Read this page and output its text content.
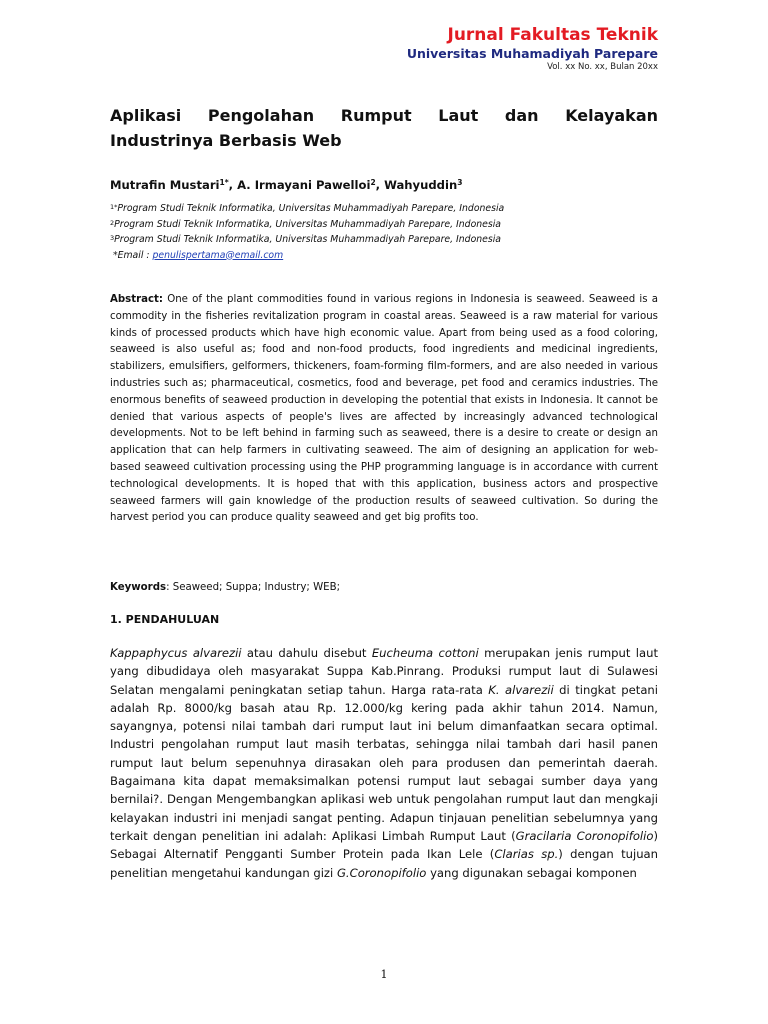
Jurnal Fakultas Teknik
Universitas Muhamadiyah Parepare
Vol. xx No. xx, Bulan 20xx
Aplikasi Pengolahan Rumput Laut dan Kelayakan Industrinya Berbasis Web
Mutrafin Mustari$^{1*}$, A. Irmayani Pawelloi$^2$, Wahyuddin$^3$
$^{1*}$Program Studi Teknik Informatika, Universitas Muhammadiyah Parepare, Indonesia
$^2$Program Studi Teknik Informatika, Universitas Muhammadiyah Parepare, Indonesia
$^3$Program Studi Teknik Informatika, Universitas Muhammadiyah Parepare, Indonesia
*Email : penulispertama@email.com
Abstract: One of the plant commodities found in various regions in Indonesia is seaweed. Seaweed is a commodity in the fisheries revitalization program in coastal areas. Seaweed is a raw material for various kinds of processed products which have high economic value. Apart from being used as a food coloring, seaweed is also useful as; food and non-food products, food ingredients and medicinal ingredients, stabilizers, emulsifiers, gelformers, thickeners, foam-forming film-formers, and are also needed in various industries such as; pharmaceutical, cosmetics, food and beverage, pet food and ceramics industries. The enormous benefits of seaweed production in developing the potential that exists in Indonesia. It cannot be denied that various aspects of people's lives are affected by increasingly advanced technological developments. Not to be left behind in farming such as seaweed, there is a desire to create or design an application that can help farmers in cultivating seaweed. The aim of designing an application for web-based seaweed cultivation processing using the PHP programming language is in accordance with current technological developments. It is hoped that with this application, business actors and prospective seaweed farmers will gain knowledge of the production results of seaweed cultivation. So during the harvest period you can produce quality seaweed and get big profits too.
Keywords: Seaweed; Suppa; Industry; WEB;
1. PENDAHULUAN
Kappaphycus alvarezii atau dahulu disebut Eucheuma cottoni merupakan jenis rumput laut yang dibudidaya oleh masyarakat Suppa Kab.Pinrang. Produksi rumput laut di Sulawesi Selatan mengalami peningkatan setiap tahun. Harga rata-rata K. alvarezii di tingkat petani adalah Rp. 8000/kg basah atau Rp. 12.000/kg kering pada akhir tahun 2014. Namun, sayangnya, potensi nilai tambah dari rumput laut ini belum dimanfaatkan secara optimal. Industri pengolahan rumput laut masih terbatas, sehingga nilai tambah dari hasil panen rumput laut belum sepenuhnya dirasakan oleh para produsen dan pemerintah daerah. Bagaimana kita dapat memaksimalkan potensi rumput laut sebagai sumber daya yang bernilai?. Dengan Mengembangkan aplikasi web untuk pengolahan rumput laut dan mengkaji kelayakan industri ini menjadi sangat penting. Adapun tinjauan penelitian sebelumnya yang terkait dengan penelitian ini adalah: Aplikasi Limbah Rumput Laut (Gracilaria Coronopifolio) Sebagai Alternatif Pengganti Sumber Protein pada Ikan Lele (Clarias sp.) dengan tujuan penelitian mengetahui kandungan gizi G.Coronopifolio yang digunakan sebagai komponen
1
